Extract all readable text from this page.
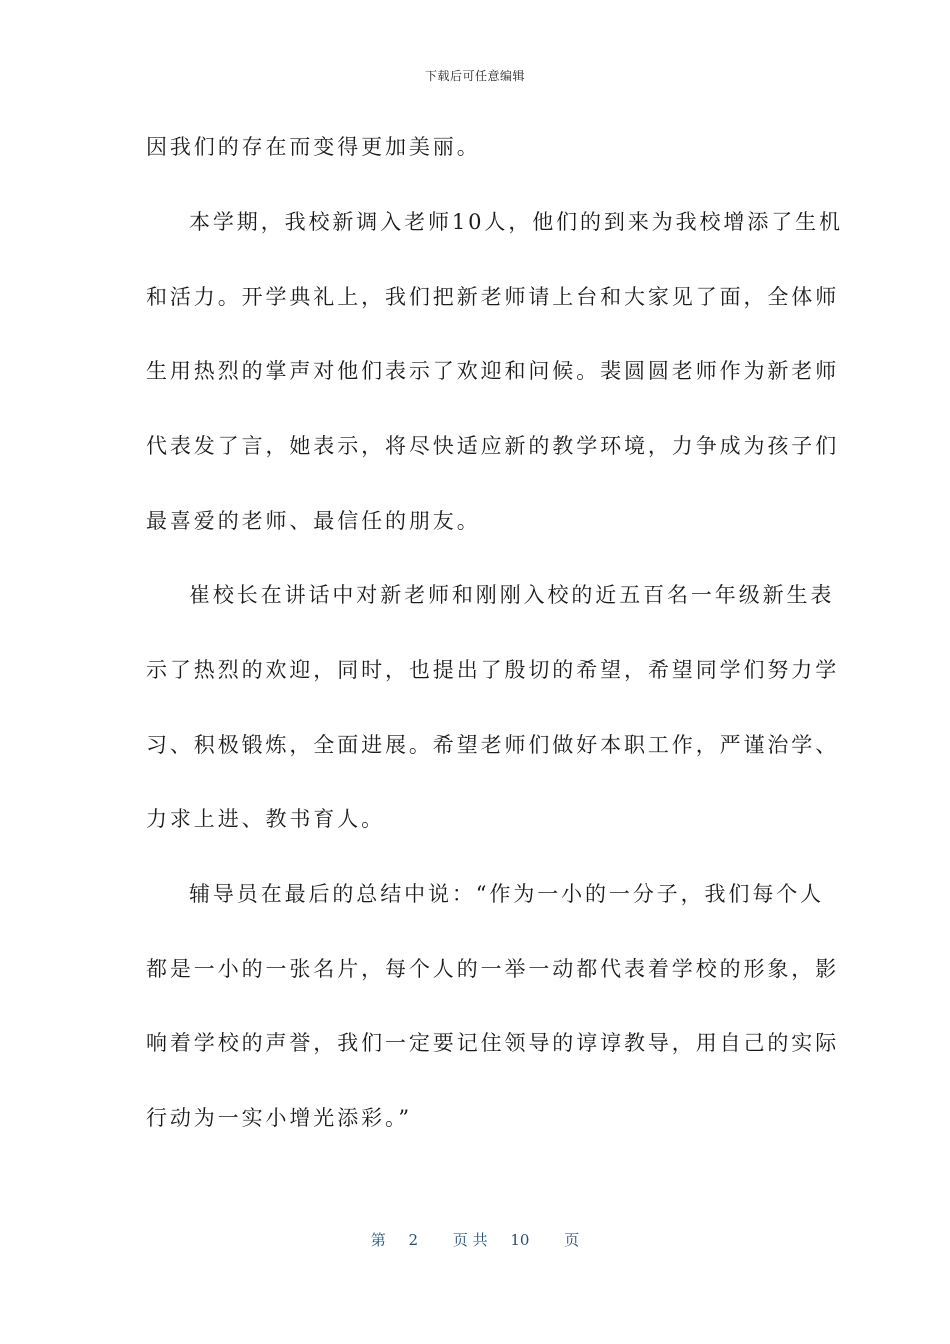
下载后可任意编辑
因我们的存在而变得更加美丽。
本学期，我校新调入老师10人，他们的到来为我校增添了生机
和活力。开学典礼上，我们把新老师请上台和大家见了面，全体师
生用热烈的掌声对他们表示了欢迎和问候。裴圆圆老师作为新老师
代表发了言，她表示，将尽快适应新的教学环境，力争成为孩子们
最喜爱的老师、最信任的朋友。
崔校长在讲话中对新老师和刚刚入校的近五百名一年级新生表
示了热烈的欢迎，同时，也提出了殷切的希望，希望同学们努力学
习、积极锻炼，全面进展。希望老师们做好本职工作，严谨治学、
力求上进、教书育人。
辅导员在最后的总结中说：“作为一小的一分子，我们每个人
都是一小的一张名片，每个人的一举一动都代表着学校的形象，影
响着学校的声誉，我们一定要记住领导的谆谆教导，用自己的实际
行动为一实小增光添彩。”
第 2 页 共 10 页
